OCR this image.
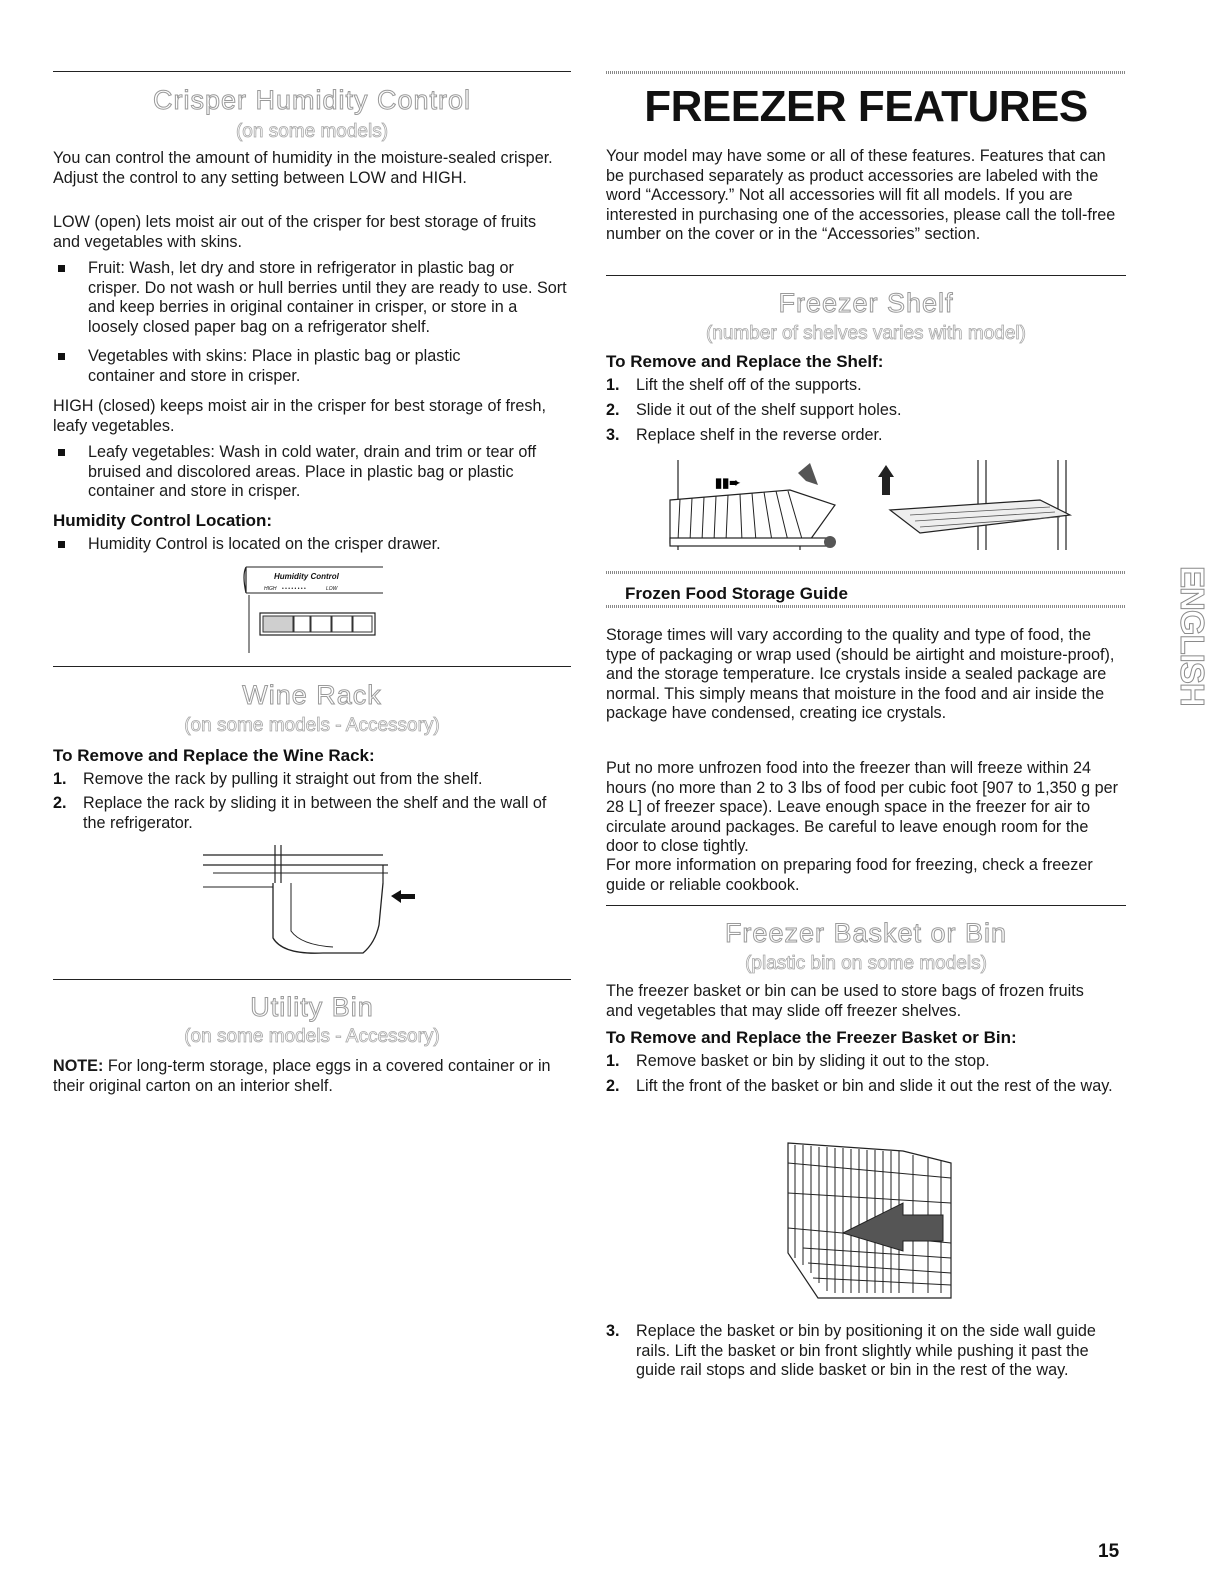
Crisper Humidity Control
(on some models)

You can control the amount of humidity in the moisture-sealed crisper. Adjust the control to any setting between LOW and HIGH.

LOW (open) lets moist air out of the crisper for best storage of fruits and vegetables with skins.

Fruit: Wash, let dry and store in refrigerator in plastic bag or crisper. Do not wash or hull berries until they are ready to use. Sort and keep berries in original container in crisper, or store in a loosely closed paper bag on a refrigerator shelf.
Vegetables with skins: Place in plastic bag or plastic container and store in crisper.

HIGH (closed) keeps moist air in the crisper for best storage of fresh, leafy vegetables.

Leafy vegetables: Wash in cold water, drain and trim or tear off bruised and discolored areas. Place in plastic bag or plastic container and store in crisper.
Humidity Control Location:
Humidity Control is located on the crisper drawer.
Humidity Control
HIGH • • • • • • • •	LOW
Wine Rack
(on some models - Accessory)
To Remove and Replace the Wine Rack:
1. Remove the rack by pulling it straight out from the shelf.
2. Replace the rack by sliding it in between the shelf and the wall of the refrigerator.
Utility Bin
(on some models - Accessory)

NOTE: For long-term storage, place eggs in a covered container or in their original carton on an interior shelf.

FREEZER FEATURES

Your model may have some or all of these features. Features that can be purchased separately as product accessories are labeled with the word “Accessory.” Not all accessories will fit all models. If you are interested in purchasing one of the accessories, please call the toll-free number on the cover or in the “Accessories” section.

Freezer Shelf
(number of shelves varies with model)
To Remove and Replace the Shelf:
1. Lift the shelf off of the supports.
2. Slide it out of the shelf support holes.
3. Replace shelf in the reverse order.
▮▮➨
Frozen Food Storage Guide

Storage times will vary according to the quality and type of food, the type of packaging or wrap used (should be airtight and moisture-proof), and the storage temperature. Ice crystals inside a sealed package are normal. This simply means that moisture in the food and air inside the package have condensed, creating ice crystals.

Put no more unfrozen food into the freezer than will freeze within 24 hours (no more than 2 to 3 lbs of food per cubic foot [907 to 1,350 g per 28 L] of freezer space). Leave enough space in the freezer for air to circulate around packages. Be careful to leave enough room for the door to close tightly.

For more information on preparing food for freezing, check a freezer guide or reliable cookbook.

Freezer Basket or Bin
(plastic bin on some models)

The freezer basket or bin can be used to store bags of frozen fruits and vegetables that may slide off freezer shelves.

To Remove and Replace the Freezer Basket or Bin:
1. Remove basket or bin by sliding it out to the stop.
2. Lift the front of the basket or bin and slide it out the rest of the way.
3. Replace the basket or bin by positioning it on the side wall guide rails. Lift the basket or bin front slightly while pushing it past the guide rail stops and slide basket or bin in the rest of the way.
ENGLISH
15
